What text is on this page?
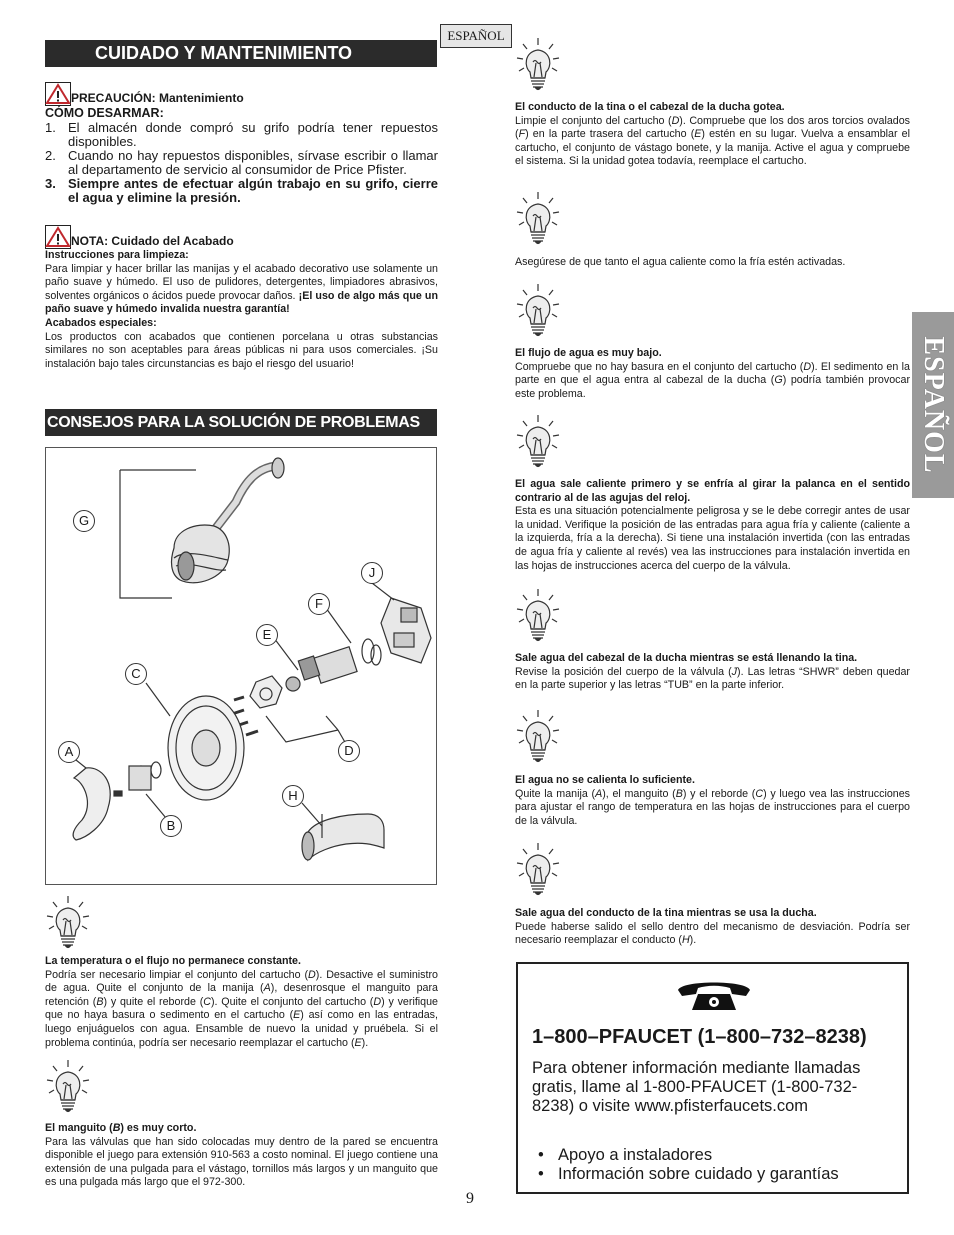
ESPAÑOL
ESPAÑOL
CUIDADO Y MANTENIMIENTO
PRECAUCIÓN: Mantenimiento
CÓMO DESARMAR:
1. El almacén donde compró su grifo podría tener repuestos disponibles.
2. Cuando no hay repuestos disponibles, sírvase escribir o llamar al departamento de servicio al consumidor de Price Pfister.
3. Siempre antes de efectuar algún trabajo en su grifo, cierre el agua y elimine la presión.
NOTA: Cuidado del Acabado
Instrucciones para limpieza:
Para limpiar y hacer brillar las manijas y el acabado decorativo use solamente un paño suave y húmedo. El uso de pulidores, detergentes, limpiadores abrasivos, solventes orgánicos o ácidos puede provocar daños. ¡El uso de algo más que un paño suave y húmedo invalida nuestra garantía!
Acabados especiales:
Los productos con acabados que contienen porcelana u otras substancias similares no son aceptables para áreas públicas ni para usos comerciales. ¡Su instalación bajo tales circunstancias es bajo el riesgo del usuario!
CONSEJOS PARA LA SOLUCIÓN DE PROBLEMAS
G
J
F
E
C
A	D
H
B
La temperatura o el flujo no permanece constante.
Podría ser necesario limpiar el conjunto del cartucho (D). Desactive el suministro de agua. Quite el conjunto de la manija (A), desenrosque el manguito para retención (B) y quite el reborde (C). Quite el conjunto del cartucho (D) y verifique que no haya basura o sedimento en el cartucho (E) así como en las entradas, luego enjuáguelos con agua. Ensamble de nuevo la unidad y pruébela. Si el problema continúa, podría ser necesario reemplazar el cartucho (E).
El manguito (B) es muy corto.
Para las válvulas que han sido colocadas muy dentro de la pared se encuentra disponible el juego para extensión 910-563 a costo nominal. El juego contiene una extensión de una pulgada para el vástago, tornillos más largos y un manguito que es una pulgada más largo que el 972-300.
El conducto de la tina o el cabezal de la ducha gotea.
Limpie el conjunto del cartucho (D). Compruebe que los dos aros torcios ovalados (F) en la parte trasera del cartucho (E) estén en su lugar. Vuelva a ensamblar el cartucho, el conjunto de vástago bonete, y la manija. Active el agua y compruebe el sistema. Si la unidad gotea todavía, reemplace el cartucho.
Asegúrese de que tanto el agua caliente como la fría estén activadas.
El flujo de agua es muy bajo.
Compruebe que no hay basura en el conjunto del cartucho (D). El sedimento en la parte en que el agua entra al cabezal de la ducha (G) podría también provocar este problema.
El agua sale caliente primero y se enfría al girar la palanca en el sentido contrario al de las agujas del reloj.
Esta es una situación potencialmente peligrosa y se le debe corregir antes de usar la unidad. Verifique la posición de las entradas para agua fría y caliente (caliente a la izquierda, fría a la derecha). Si tiene una instalación invertida (con las entradas de agua fría y caliente al revés) vea las instrucciones para instalación invertida en las hojas de instrucciones acerca del cuerpo de la válvula.
Sale agua del cabezal de la ducha mientras se está llenando la tina.
Revise la posición del cuerpo de la válvula (J). Las letras “SHWR” deben quedar en la parte superior y las letras “TUB” en la parte inferior.
El agua no se calienta lo suficiente.
Quite la manija (A), el manguito (B) y el reborde (C) y luego vea las instrucciones para ajustar el rango de temperatura en las hojas de instrucciones para el cuerpo de la válvula.
Sale agua del conducto de la tina mientras se usa la ducha.
Puede haberse salido el sello dentro del mecanismo de desviación. Podría ser necesario reemplazar el conducto (H).
1–800–PFAUCET (1–800–732–8238)
Para obtener información mediante llamadas gratis, llame al 1-800-PFAUCET (1-800-732-8238) o visite www.pfisterfaucets.com
• Apoyo a instaladores
• Información sobre cuidado y garantías
9
